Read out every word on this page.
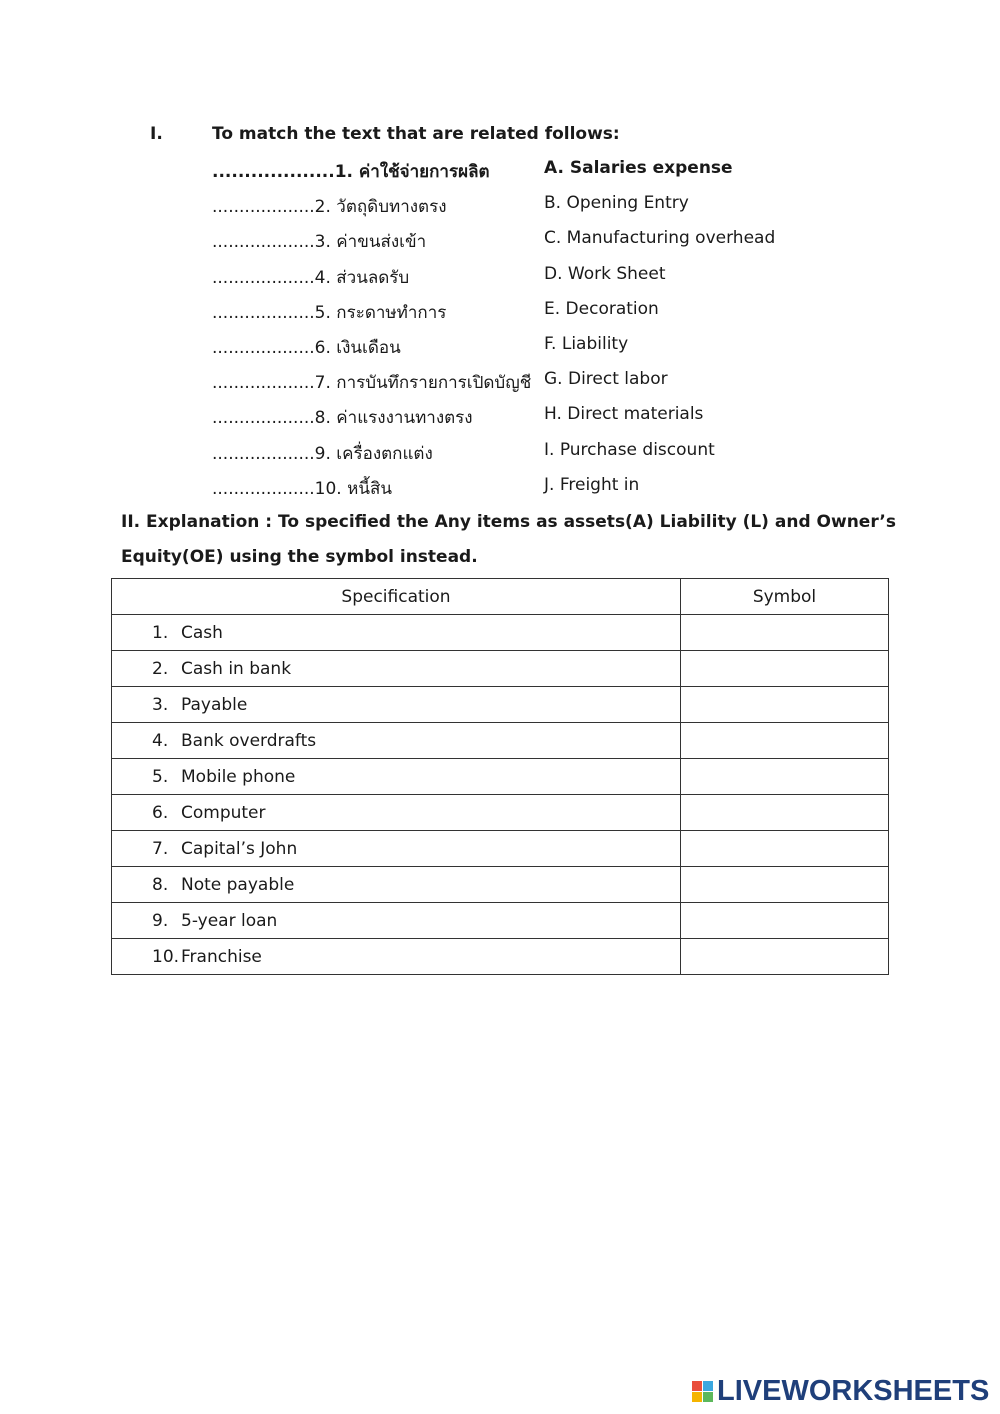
I.	To match the text that are related follows:
...................1. ค่าใช้จ่ายการผลิต	A. Salaries expense
...................2. วัตถุดิบทางตรง	B. Opening Entry
...................3. ค่าขนส่งเข้า	C. Manufacturing overhead
...................4. ส่วนลดรับ	D. Work Sheet
...................5. กระดาษทำการ	E. Decoration
...................6. เงินเดือน	F. Liability
...................7. การบันทึกรายการเปิดบัญชี G. Direct labor
...................8. ค่าแรงงานทางตรง	H. Direct materials
...................9. เครื่องตกแต่ง	I. Purchase discount
...................10. หนี้สิน	J. Freight in
II. Explanation : To specified the Any items as assets(A) Liability (L) and Owner’s
Equity(OE) using the symbol instead.
Specification	Symbol
1. Cash	
2. Cash in bank	
3. Payable	
4. Bank overdrafts	
5. Mobile phone	
6. Computer	
7. Capital’s John	
8. Note payable	
9. 5-year loan	
10. Franchise	
LIVEWORKSHEETS
